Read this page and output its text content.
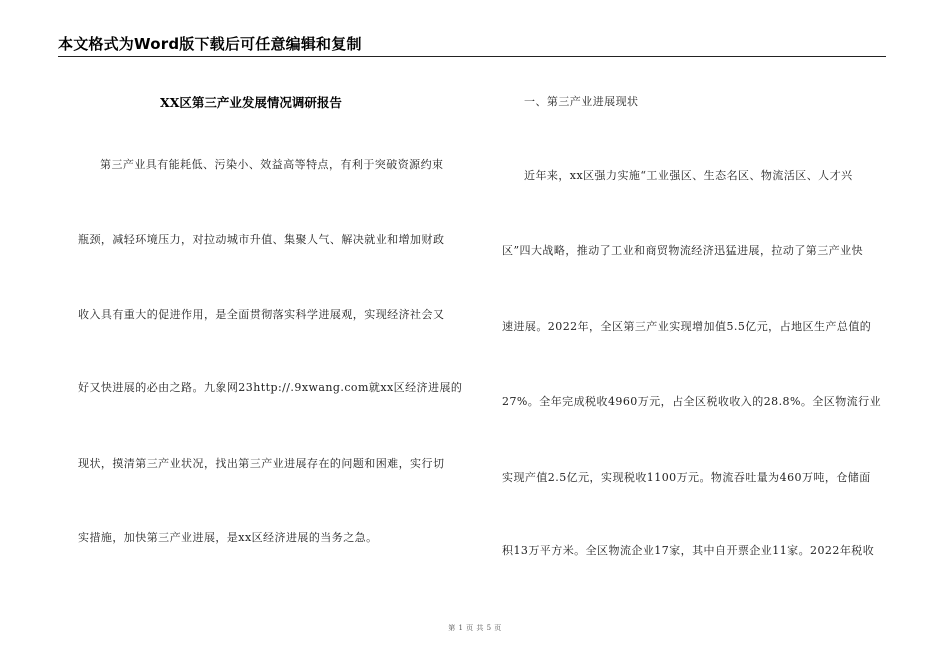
本文格式为Word版下载后可任意编辑和复制
XX区第三产业发展情况调研报告
第三产业具有能耗低、污染小、效益高等特点，有利于突破资源约束
瓶颈，减轻环境压力，对拉动城市升值、集聚人气、解决就业和增加财政
收入具有重大的促进作用，是全面贯彻落实科学进展观，实现经济社会又
好又快进展的必由之路。九象网23http://.9xwang.com就xx区经济进展的
现状，摸清第三产业状况，找出第三产业进展存在的问题和困难，实行切
实措施，加快第三产业进展，是xx区经济进展的当务之急。
一、第三产业进展现状
近年来，xx区强力实施“工业强区、生态名区、物流活区、人才兴
区”四大战略，推动了工业和商贸物流经济迅猛进展，拉动了第三产业快
速进展。2022年，全区第三产业实现增加值5.5亿元，占地区生产总值的
27%。全年完成税收4960万元，占全区税收收入的28.8%。全区物流行业
实现产值2.5亿元，实现税收1100万元。物流吞吐量为460万吨，仓储面
积13万平方米。全区物流企业17家，其中自开票企业11家。2022年税收
第 1 页 共 5 页
